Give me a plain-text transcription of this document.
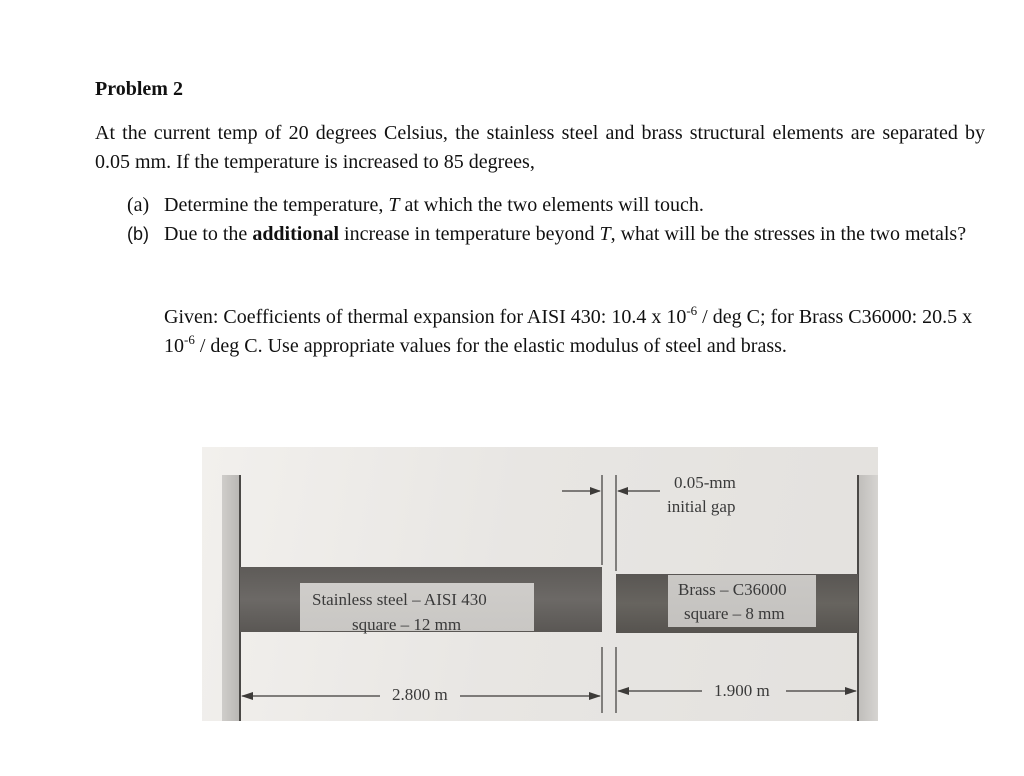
Problem 2

At the current temp of 20 degrees Celsius, the stainless steel and brass structural elements are separated by 0.05 mm. If the temperature is increased to 85 degrees,

(a) Determine the temperature, T at which the two elements will touch.
(b) Due to the additional increase in temperature beyond T, what will be the stresses in the two metals?

Given: Coefficients of thermal expansion for AISI 430: 10.4 x $10^{-6}$ / deg C; for Brass C36000: 20.5 x $10^{-6}$ / deg C. Use appropriate values for the elastic modulus of steel and brass.

0.05-mm
initial gap
Stainless steel – AISI 430
square – 12 mm
Brass – C36000
square – 8 mm
2.800 m	1.900 m
